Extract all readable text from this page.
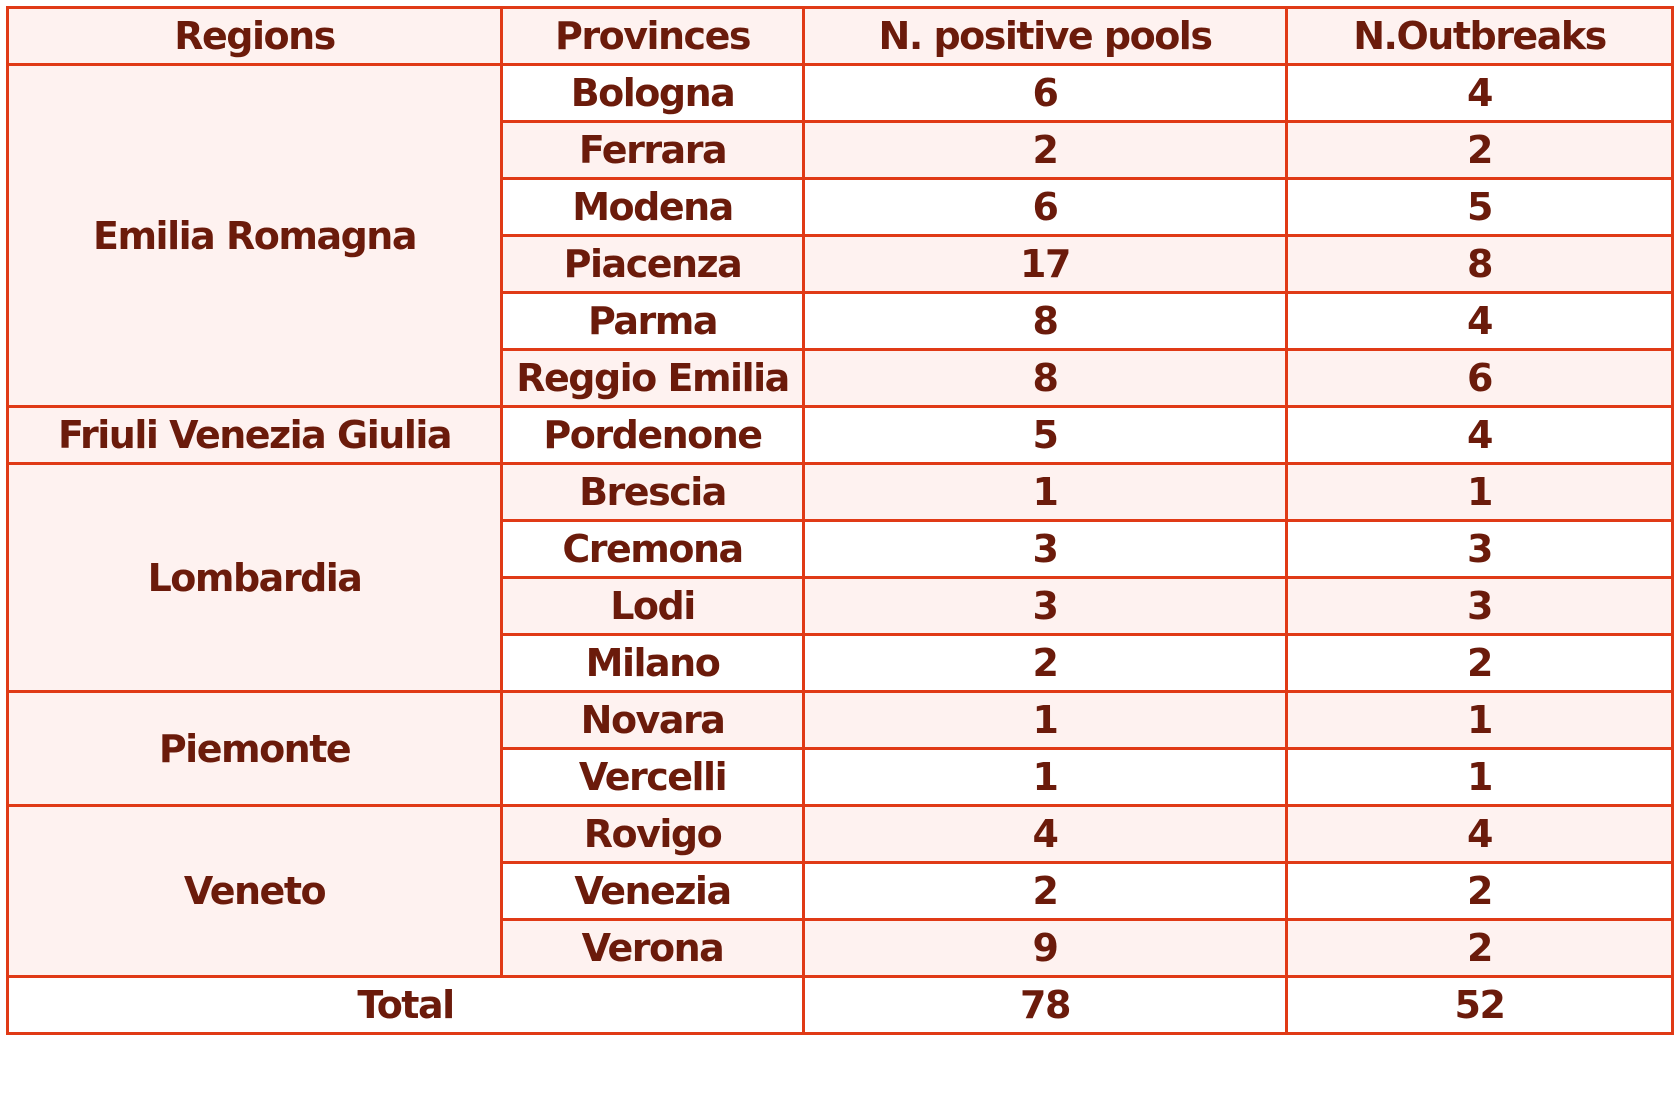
Regions	Provinces	N. positive pools	N.Outbreaks
Emilia Romagna	Bologna	6	4
	Ferrara	2	2
	Modena	6	5
	Piacenza	17	8
	Parma	8	4
	Reggio Emilia	8	6
Friuli Venezia Giulia	Pordenone	5	4
Lombardia	Brescia	1	1
	Cremona	3	3
	Lodi	3	3
	Milano	2	2
Piemonte	Novara	1	1
	Vercelli	1	1
Veneto	Rovigo	4	4
	Venezia	2	2
	Verona	9	2
Total		78	52
